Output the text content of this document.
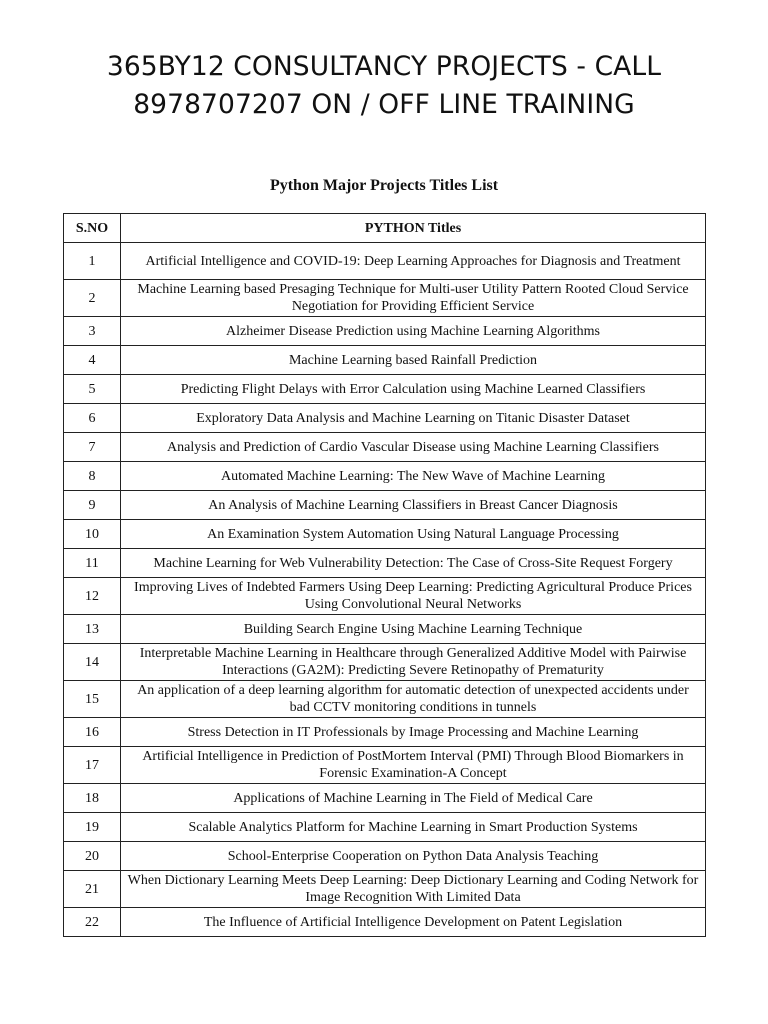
365BY12 CONSULTANCY PROJECTS - CALL
8978707207 ON / OFF LINE TRAINING
Python Major Projects Titles List
S.NO	PYTHON Titles
1	Artificial Intelligence and COVID-19: Deep Learning Approaches for Diagnosis and Treatment
2	Machine Learning based Presaging Technique for Multi-user Utility Pattern Rooted Cloud Service Negotiation for Providing Efficient Service
3	Alzheimer Disease Prediction using Machine Learning Algorithms
4	Machine Learning based Rainfall Prediction
5	Predicting Flight Delays with Error Calculation using Machine Learned Classifiers
6	Exploratory Data Analysis and Machine Learning on Titanic Disaster Dataset
7	Analysis and Prediction of Cardio Vascular Disease using Machine Learning Classifiers
8	Automated Machine Learning: The New Wave of Machine Learning
9	An Analysis of Machine Learning Classifiers in Breast Cancer Diagnosis
10	An Examination System Automation Using Natural Language Processing
11	Machine Learning for Web Vulnerability Detection: The Case of Cross-Site Request Forgery
12	Improving Lives of Indebted Farmers Using Deep Learning: Predicting Agricultural Produce Prices Using Convolutional Neural Networks
13	Building Search Engine Using Machine Learning Technique
14	Interpretable Machine Learning in Healthcare through Generalized Additive Model with Pairwise Interactions (GA2M): Predicting Severe Retinopathy of Prematurity
15	An application of a deep learning algorithm for automatic detection of unexpected accidents under bad CCTV monitoring conditions in tunnels
16	Stress Detection in IT Professionals by Image Processing and Machine Learning
17	Artificial Intelligence in Prediction of PostMortem Interval (PMI) Through Blood Biomarkers in Forensic Examination-A Concept
18	Applications of Machine Learning in The Field of Medical Care
19	Scalable Analytics Platform for Machine Learning in Smart Production Systems
20	School-Enterprise Cooperation on Python Data Analysis Teaching
21	When Dictionary Learning Meets Deep Learning: Deep Dictionary Learning and Coding Network for Image Recognition With Limited Data
22	The Influence of Artificial Intelligence Development on Patent Legislation
